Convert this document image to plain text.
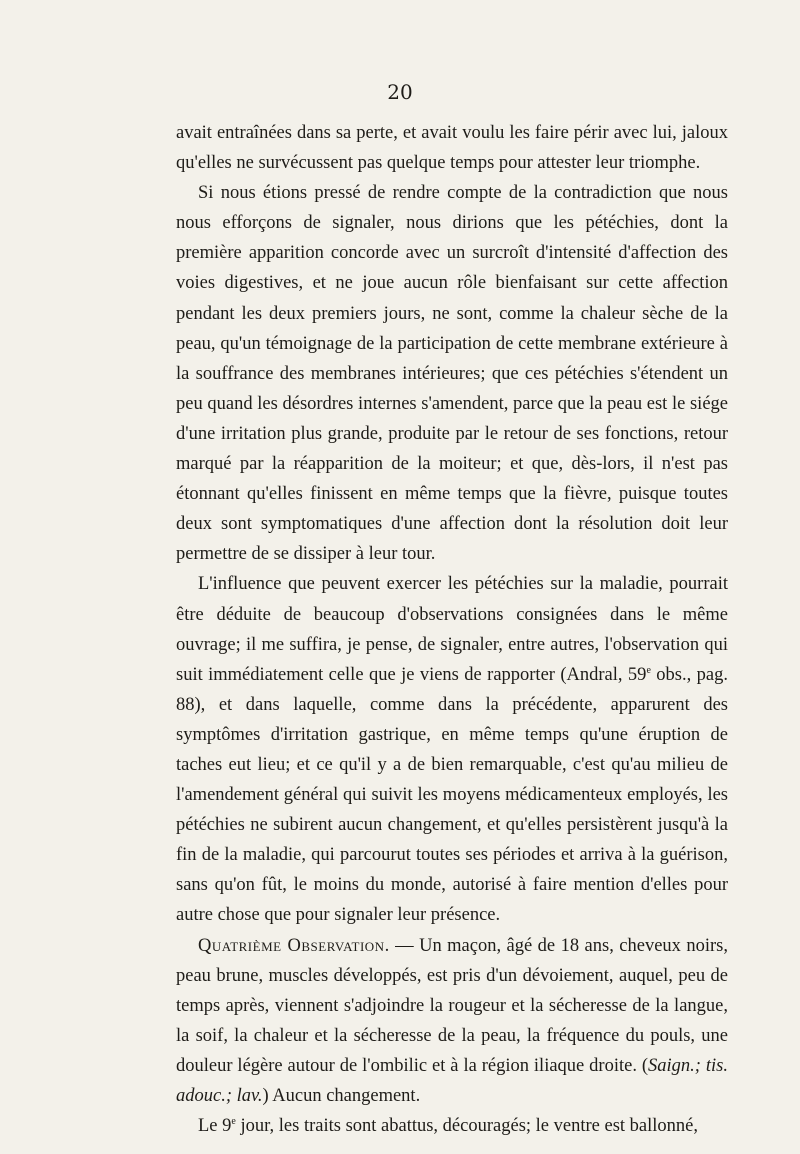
20

avait entraînées dans sa perte, et avait voulu les faire périr avec lui, jaloux qu'elles ne survécussent pas quelque temps pour attester leur triomphe.

Si nous étions pressé de rendre compte de la contradiction que nous nous efforçons de signaler, nous dirions que les pétéchies, dont la première apparition concorde avec un surcroît d'intensité d'affection des voies digestives, et ne joue aucun rôle bienfaisant sur cette affection pendant les deux premiers jours, ne sont, comme la chaleur sèche de la peau, qu'un témoignage de la participation de cette membrane extérieure à la souffrance des membranes intérieures; que ces pétéchies s'étendent un peu quand les désordres internes s'amendent, parce que la peau est le siége d'une irritation plus grande, produite par le retour de ses fonctions, retour marqué par la réapparition de la moiteur; et que, dès-lors, il n'est pas étonnant qu'elles finissent en même temps que la fièvre, puisque toutes deux sont symptomatiques d'une affection dont la résolution doit leur permettre de se dissiper à leur tour.

L'influence que peuvent exercer les pétéchies sur la maladie, pourrait être déduite de beaucoup d'observations consignées dans le même ouvrage; il me suffira, je pense, de signaler, entre autres, l'observation qui suit immédiatement celle que je viens de rapporter (Andral, 59e obs., pag. 88), et dans laquelle, comme dans la précédente, apparurent des symptômes d'irritation gastrique, en même temps qu'une éruption de taches eut lieu; et ce qu'il y a de bien remarquable, c'est qu'au milieu de l'amendement général qui suivit les moyens médicamenteux employés, les pétéchies ne subirent aucun changement, et qu'elles persistèrent jusqu'à la fin de la maladie, qui parcourut toutes ses périodes et arriva à la guérison, sans qu'on fût, le moins du monde, autorisé à faire mention d'elles pour autre chose que pour signaler leur présence.

Quatrième Observation. — Un maçon, âgé de 18 ans, cheveux noirs, peau brune, muscles développés, est pris d'un dévoiement, auquel, peu de temps après, viennent s'adjoindre la rougeur et la sécheresse de la langue, la soif, la chaleur et la sécheresse de la peau, la fréquence du pouls, une douleur légère autour de l'ombilic et à la région iliaque droite. (Saign.; tis. adouc.; lav.) Aucun changement.

Le 9e jour, les traits sont abattus, découragés; le ventre est ballonné,
